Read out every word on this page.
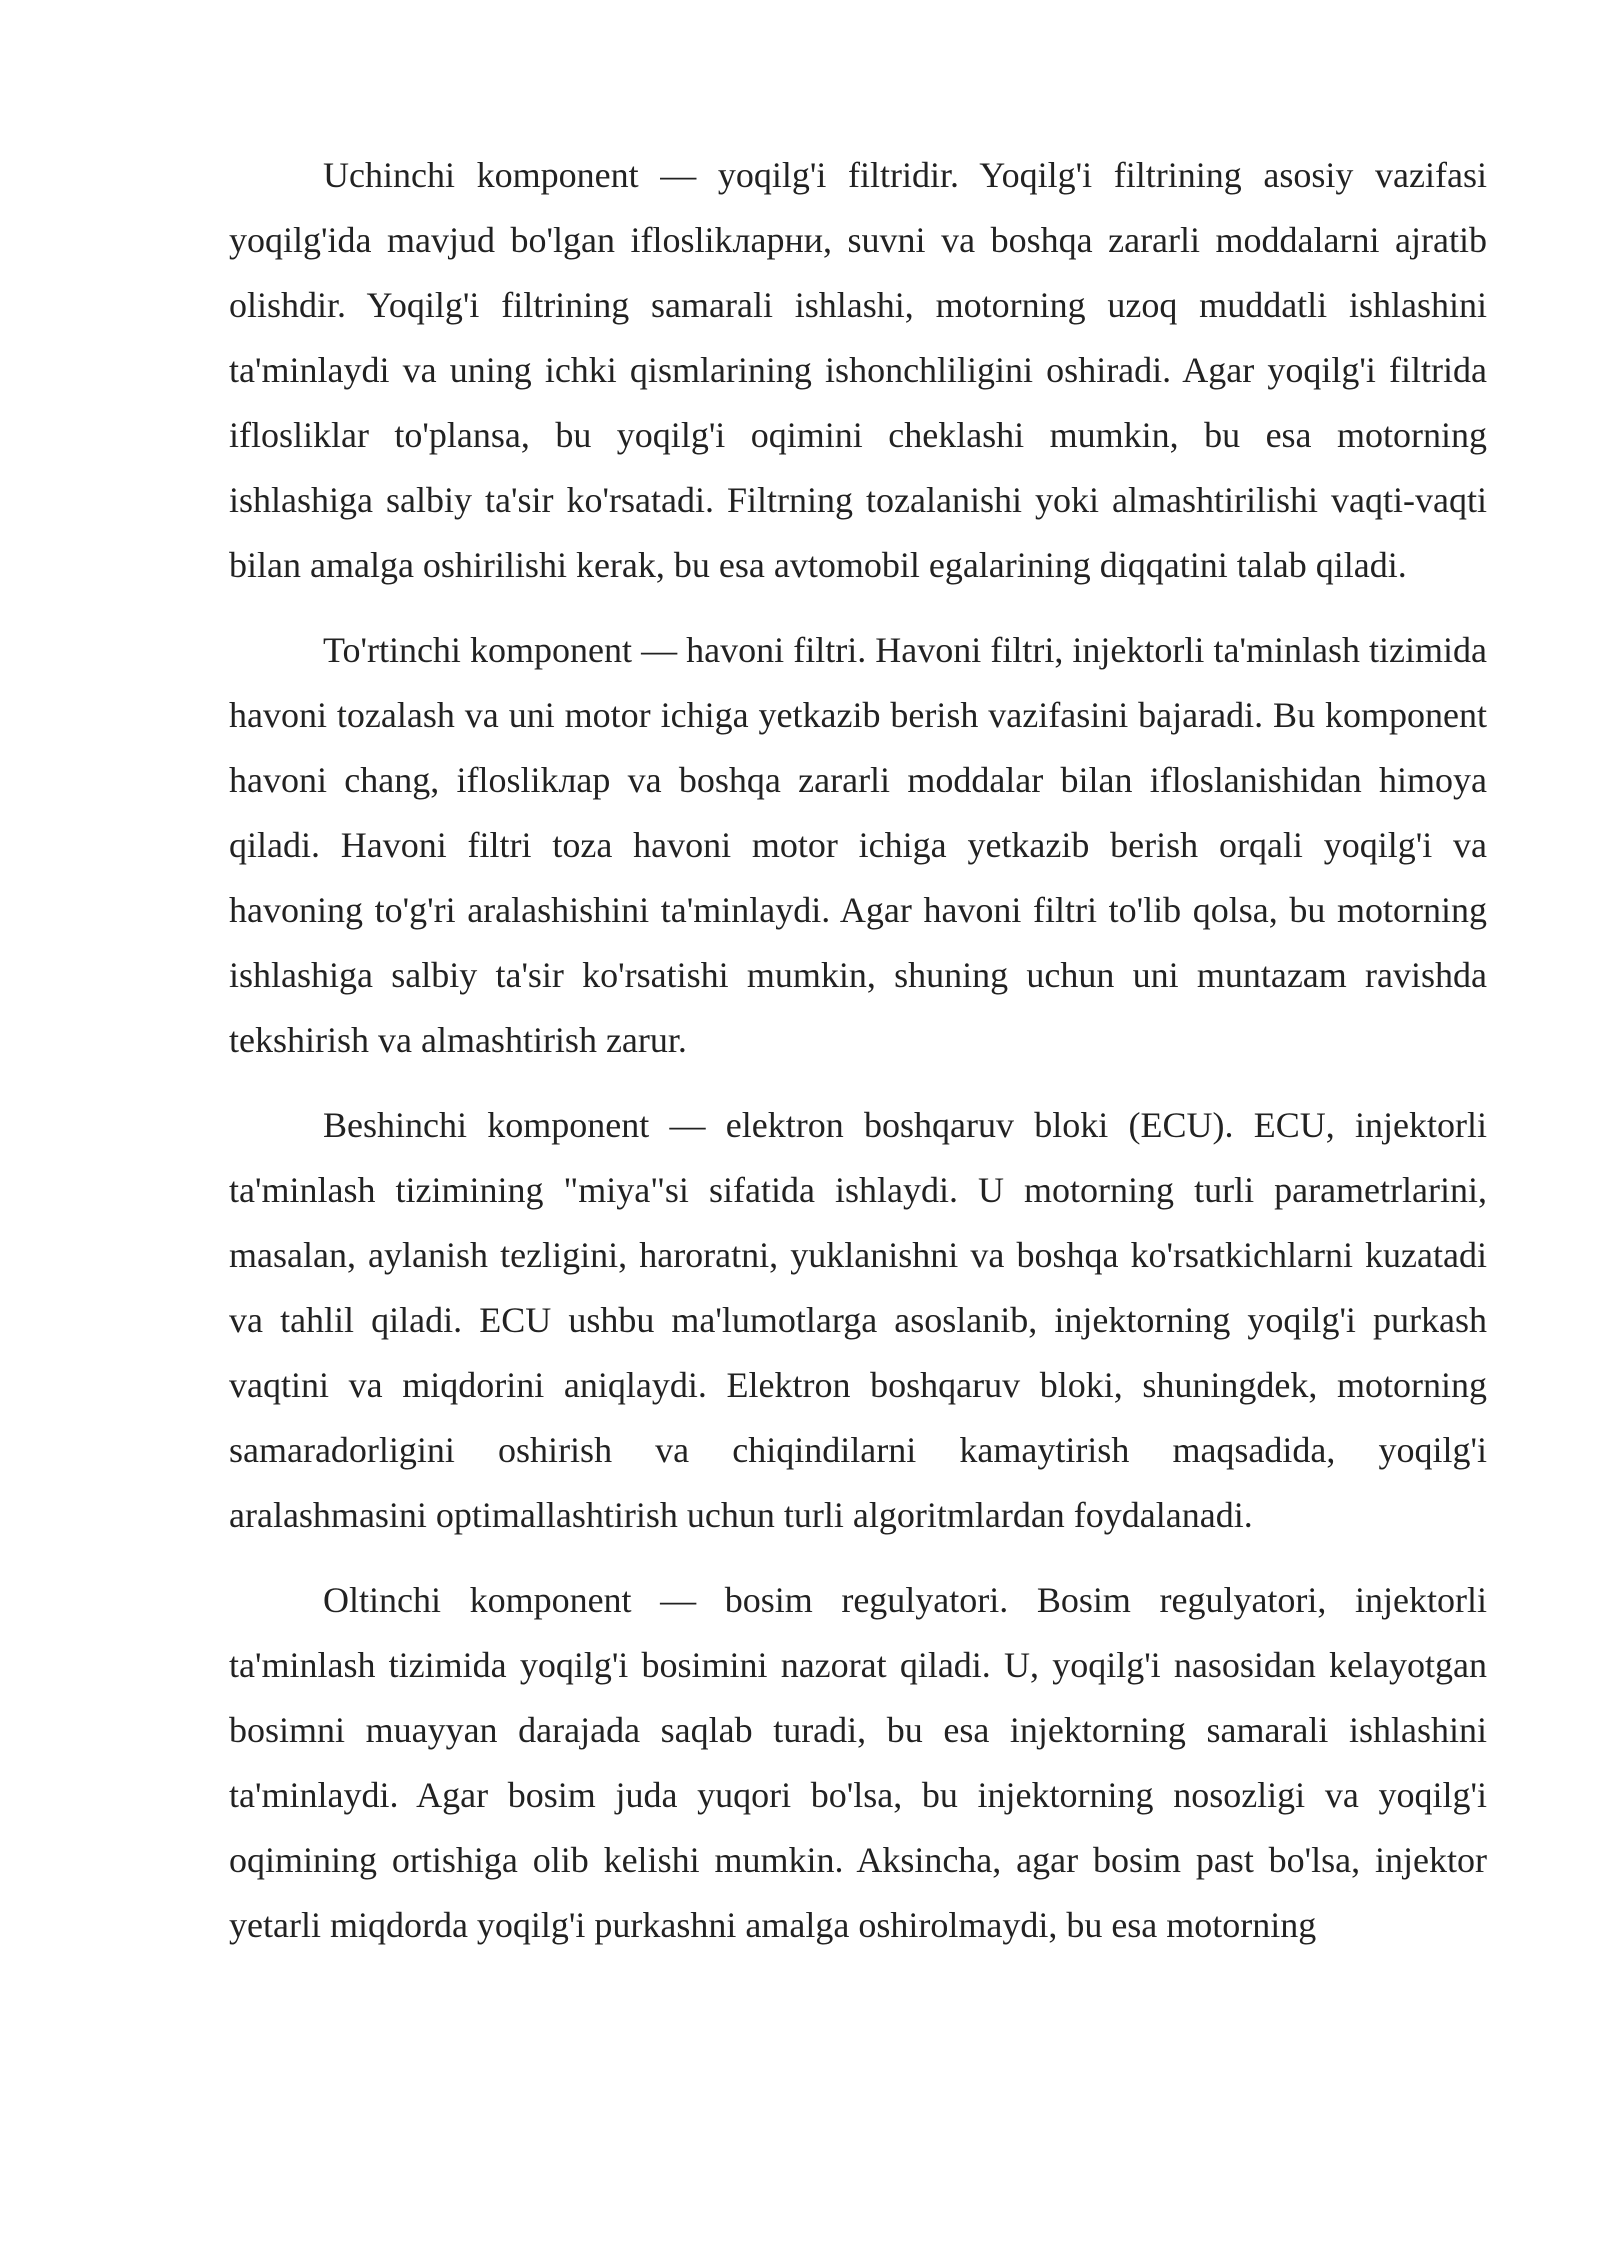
Uchinchi komponent — yoqilg'i filtridir. Yoqilg'i filtrining asosiy vazifasi yoqilg'ida mavjud bo'lgan ifloslikларни, suvni va boshqa zararli moddalarni ajratib olishdir. Yoqilg'i filtrining samarali ishlashi, motorning uzoq muddatli ishlashini ta'minlaydi va uning ichki qismlarining ishonchliligini oshiradi. Agar yoqilg'i filtrida iflosliklar to'plansa, bu yoqilg'i oqimini cheklashi mumkin, bu esa motorning ishlashiga salbiy ta'sir ko'rsatadi. Filtrning tozalanishi yoki almashtirilishi vaqti-vaqti bilan amalga oshirilishi kerak, bu esa avtomobil egalarining diqqatini talab qiladi.

To'rtinchi komponent — havoni filtri. Havoni filtri, injektorli ta'minlash tizimida havoni tozalash va uni motor ichiga yetkazib berish vazifasini bajaradi. Bu komponent havoni chang, ifloslikлар va boshqa zararli moddalar bilan ifloslanishidan himoya qiladi. Havoni filtri toza havoni motor ichiga yetkazib berish orqali yoqilg'i va havoning to'g'ri aralashishini ta'minlaydi. Agar havoni filtri to'lib qolsa, bu motorning ishlashiga salbiy ta'sir ko'rsatishi mumkin, shuning uchun uni muntazam ravishda tekshirish va almashtirish zarur.

Beshinchi komponent — elektron boshqaruv bloki (ECU). ECU, injektorli ta'minlash tizimining "miya"si sifatida ishlaydi. U motorning turli parametrlarini, masalan, aylanish tezligini, haroratni, yuklanishni va boshqa ko'rsatkichlarni kuzatadi va tahlil qiladi. ECU ushbu ma'lumotlarga asoslanib, injektorning yoqilg'i purkash vaqtini va miqdorini aniqlaydi. Elektron boshqaruv bloki, shuningdek, motorning samaradorligini oshirish va chiqindilarni kamaytirish maqsadida, yoqilg'i aralashmasini optimallashtirish uchun turli algoritmlardan foydalanadi.

Oltinchi komponent — bosim regulyatori. Bosim regulyatori, injektorli ta'minlash tizimida yoqilg'i bosimini nazorat qiladi. U, yoqilg'i nasosidan kelayotgan bosimni muayyan darajada saqlab turadi, bu esa injektorning samarali ishlashini ta'minlaydi. Agar bosim juda yuqori bo'lsa, bu injektorning nosozligi va yoqilg'i oqimining ortishiga olib kelishi mumkin. Aksincha, agar bosim past bo'lsa, injektor yetarli miqdorda yoqilg'i purkashni amalga oshirolmaydi, bu esa motorning
